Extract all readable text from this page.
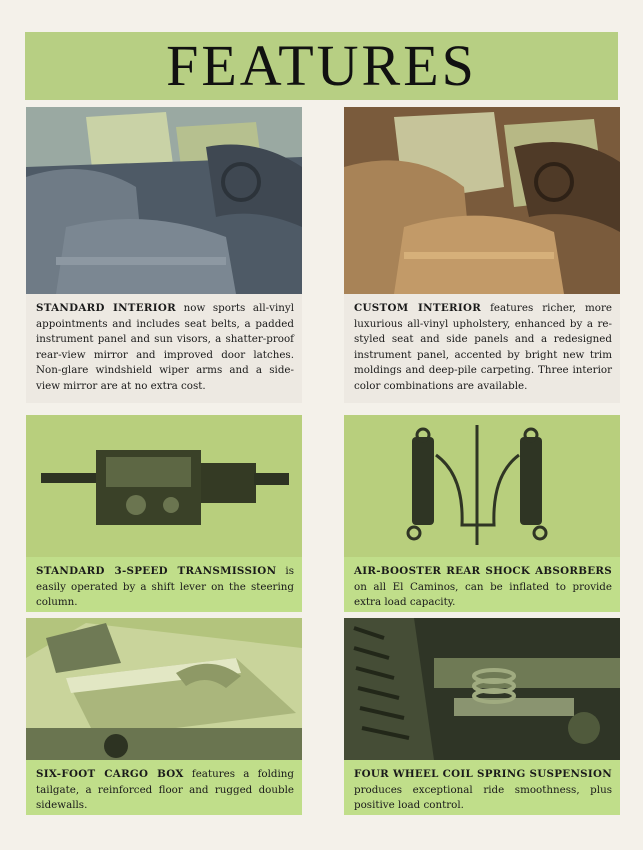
FEATURES
STANDARD INTERIOR now sports all-vinyl appointments and includes seat belts, a padded instrument panel and sun visors, a shatter-proof rear-view mirror and improved door latches. Non-glare windshield wiper arms and a side-view mirror are at no extra cost.
CUSTOM INTERIOR features richer, more luxurious all-vinyl upholstery, enhanced by a re-styled seat and side panels and a redesigned instrument panel, accented by bright new trim moldings and deep-pile carpeting. Three interior color combinations are available.
STANDARD 3-SPEED TRANSMISSION is easily operated by a shift lever on the steering column.
AIR-BOOSTER REAR SHOCK ABSORBERS on all El Caminos, can be inflated to provide extra load capacity.
SIX-FOOT CARGO BOX features a folding tailgate, a reinforced floor and rugged double sidewalls.
FOUR WHEEL COIL SPRING SUSPENSION produces exceptional ride smoothness, plus positive load control.
